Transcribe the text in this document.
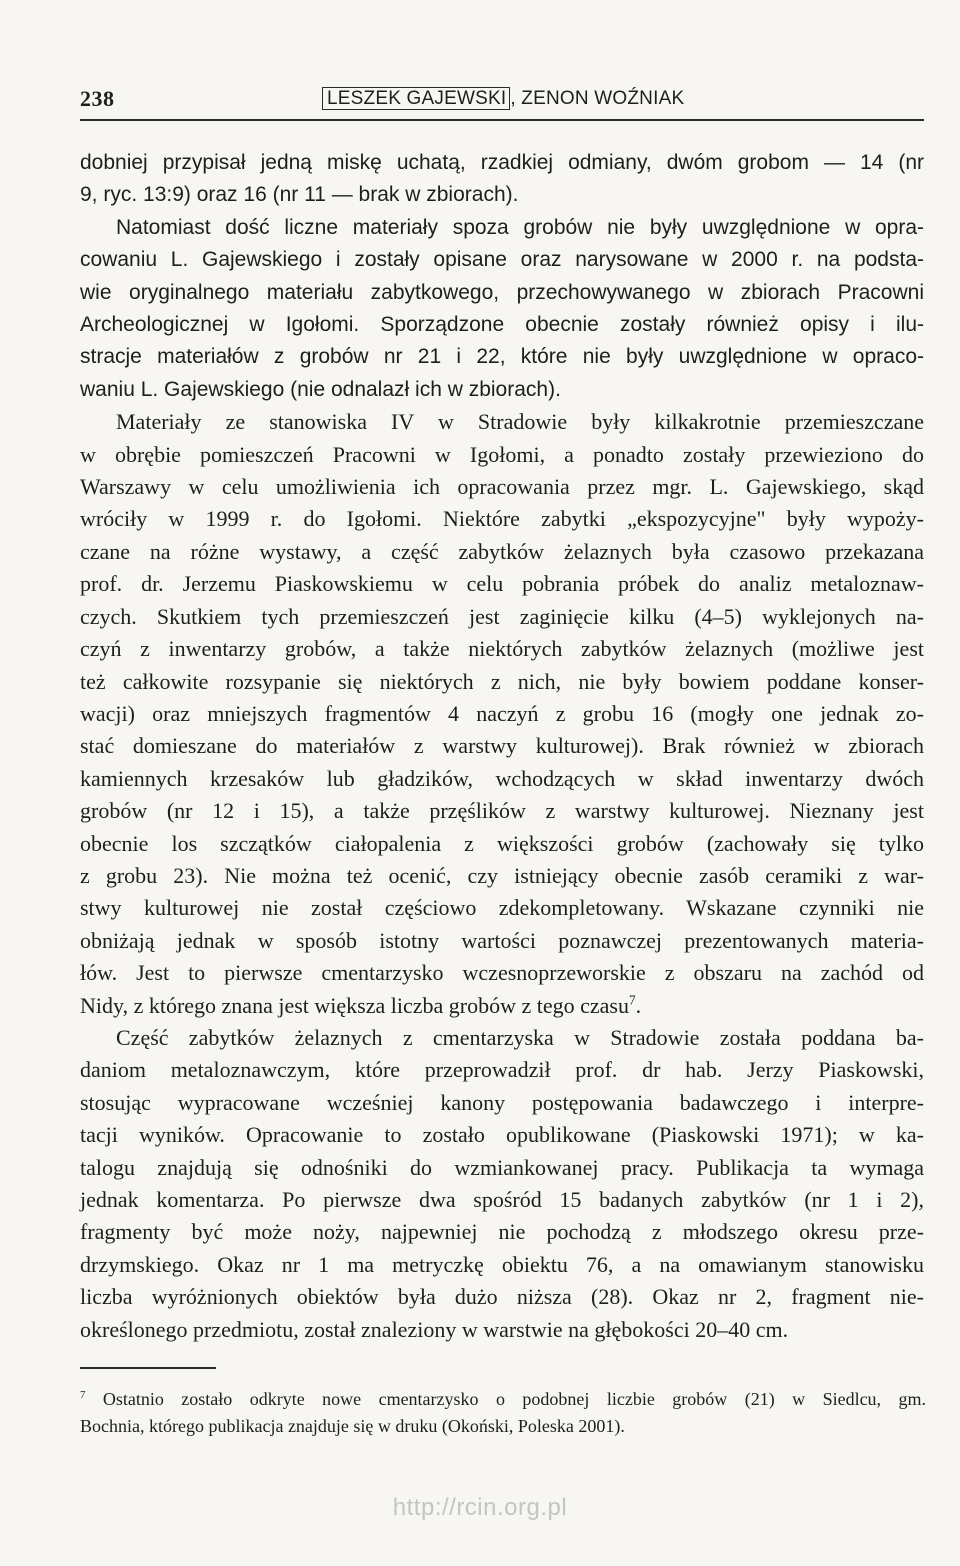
238	LESZEK GAJEWSKI , ZENON WOŹNIAK
dobniej przypisał jedną miskę uchatą, rzadkiej odmiany, dwóm grobom — 14 (nr
9, ryc. 13:9) oraz 16 (nr 11 — brak w zbiorach).
Natomiast dość liczne materiały spoza grobów nie były uwzględnione w opra-
cowaniu L. Gajewskiego i zostały opisane oraz narysowane w 2000 r. na podsta-
wie oryginalnego materiału zabytkowego, przechowywanego w zbiorach Pracowni
Archeologicznej w Igołomi. Sporządzone obecnie zostały również opisy i ilu-
stracje materiałów z grobów nr 21 i 22, które nie były uwzględnione w opraco-
waniu L. Gajewskiego (nie odnalazł ich w zbiorach).
Materiały ze stanowiska IV w Stradowie były kilkakrotnie przemieszczane
w obrębie pomieszczeń Pracowni w Igołomi, a ponadto zostały przewieziono do
Warszawy w celu umożliwienia ich opracowania przez mgr. L. Gajewskiego, skąd
wróciły w 1999 r. do Igołomi. Niektóre zabytki „ekspozycyjne" były wypoży-
czane na różne wystawy, a część zabytków żelaznych była czasowo przekazana
prof. dr. Jerzemu Piaskowskiemu w celu pobrania próbek do analiz metaloznaw-
czych. Skutkiem tych przemieszczeń jest zaginięcie kilku (4–5) wyklejonych na-
czyń z inwentarzy grobów, a także niektórych zabytków żelaznych (możliwe jest
też całkowite rozsypanie się niektórych z nich, nie były bowiem poddane konser-
wacji) oraz mniejszych fragmentów 4 naczyń z grobu 16 (mogły one jednak zo-
stać domieszane do materiałów z warstwy kulturowej). Brak również w zbiorach
kamiennych krzesaków lub gładzików, wchodzących w skład inwentarzy dwóch
grobów (nr 12 i 15), a także przęślików z warstwy kulturowej. Nieznany jest
obecnie los szczątków ciałopalenia z większości grobów (zachowały się tylko
z grobu 23). Nie można też ocenić, czy istniejący obecnie zasób ceramiki z war-
stwy kulturowej nie został częściowo zdekompletowany. Wskazane czynniki nie
obniżają jednak w sposób istotny wartości poznawczej prezentowanych materia-
łów. Jest to pierwsze cmentarzysko wczesnoprzeworskie z obszaru na zachód od
Nidy, z którego znana jest większa liczba grobów z tego czasu$^7$.
Część zabytków żelaznych z cmentarzyska w Stradowie została poddana ba-
daniom metaloznawczym, które przeprowadził prof. dr hab. Jerzy Piaskowski,
stosując wypracowane wcześniej kanony postępowania badawczego i interpre-
tacji wyników. Opracowanie to zostało opublikowane (Piaskowski 1971); w ka-
talogu znajdują się odnośniki do wzmiankowanej pracy. Publikacja ta wymaga
jednak komentarza. Po pierwsze dwa spośród 15 badanych zabytków (nr 1 i 2),
fragmenty być może noży, najpewniej nie pochodzą z młodszego okresu prze-
drzymskiego. Okaz nr 1 ma metryczkę obiektu 76, a na omawianym stanowisku
liczba wyróżnionych obiektów była dużo niższa (28). Okaz nr 2, fragment nie-
określonego przedmiotu, został znaleziony w warstwie na głębokości 20–40 cm.
$^7$ Ostatnio zostało odkryte nowe cmentarzysko o podobnej liczbie grobów (21) w Siedlcu, gm.
Bochnia, którego publikacja znajduje się w druku (Okoński, Poleska 2001).
http://rcin.org.pl
